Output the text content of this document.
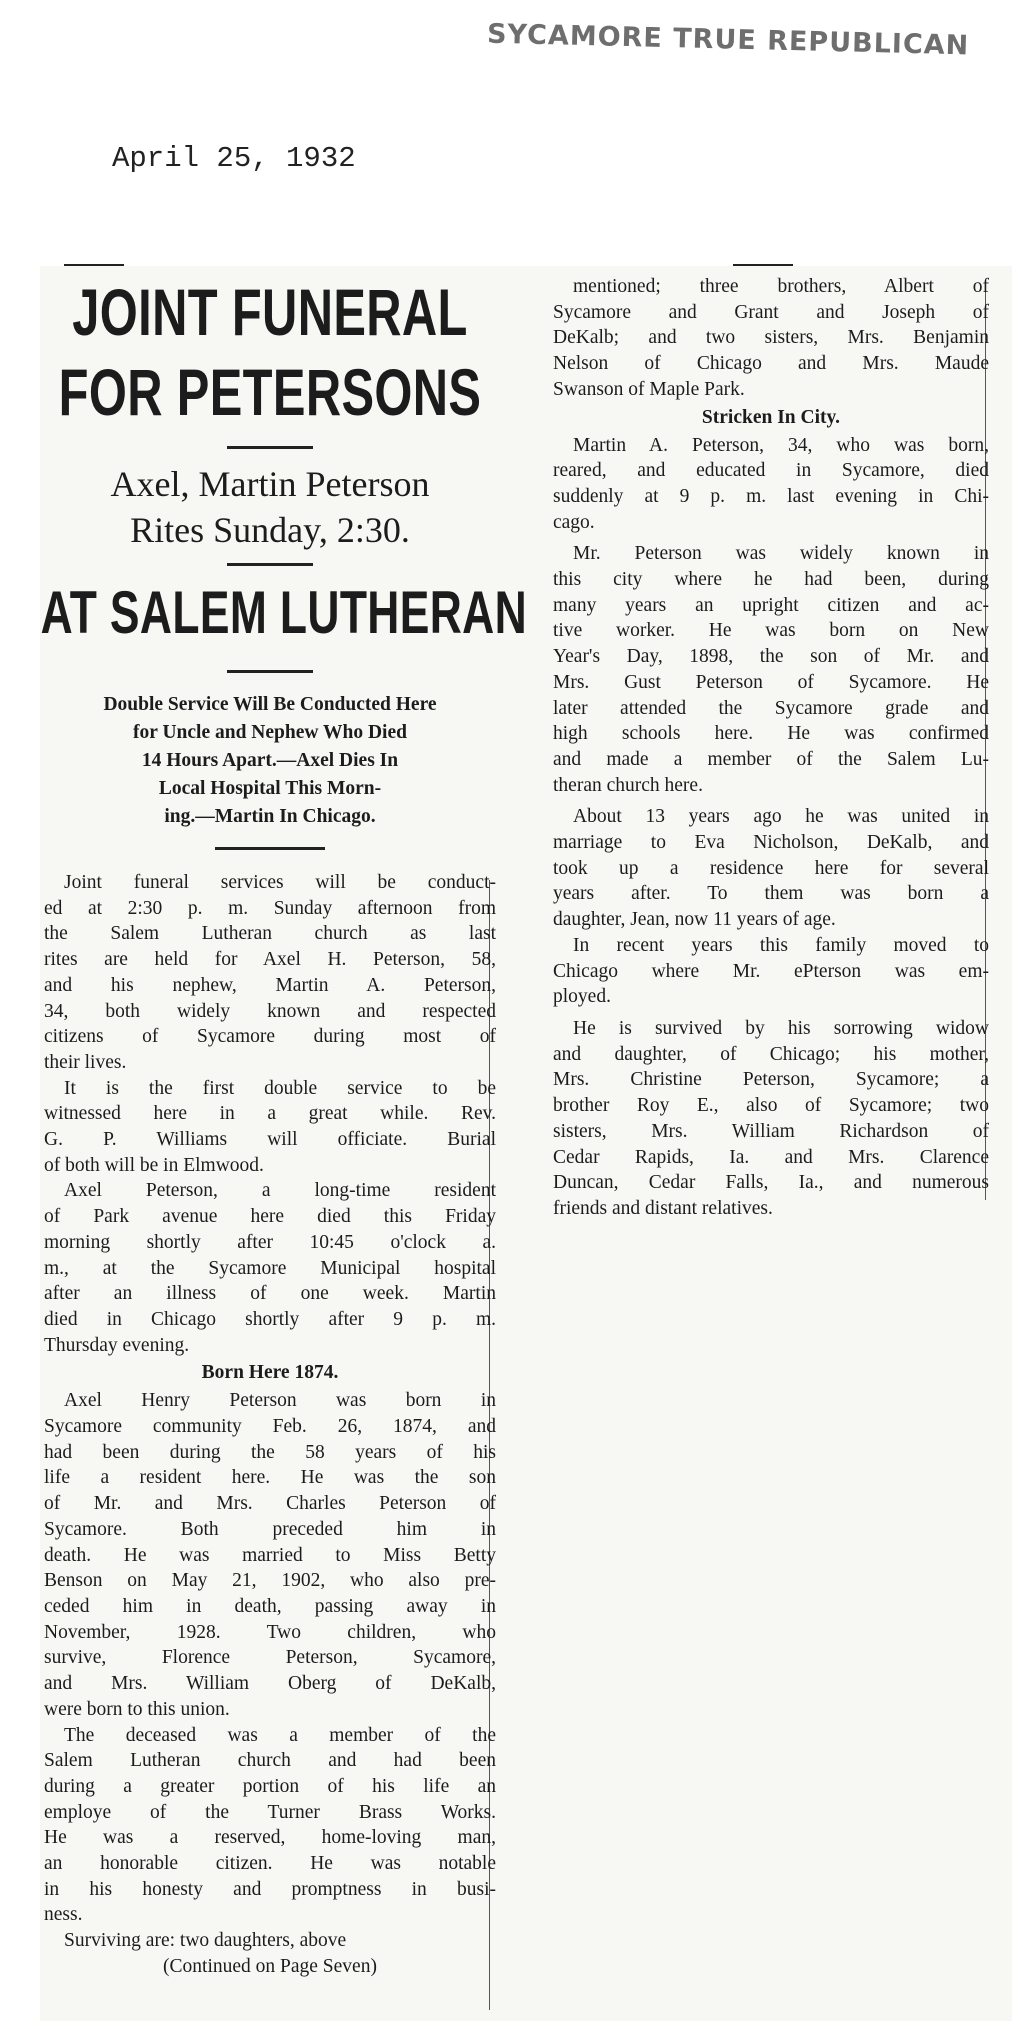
SYCAMORE TRUE REPUBLICAN
April 25, 1932
JOINT FUNERAL
FOR PETERSONS
Axel, Martin Peterson
Rites Sunday, 2:30.
AT SALEM LUTHERAN
Double Service Will Be Conducted Here
for Uncle and Nephew Who Died
14 Hours Apart.—Axel Dies In
Local Hospital This Morn-
ing.—Martin In Chicago.
Joint funeral services will be conduct-
ed at 2:30 p. m. Sunday afternoon from
the Salem Lutheran church as last
rites are held for Axel H. Peterson, 58,
and his nephew, Martin A. Peterson,
34, both widely known and respected
citizens of Sycamore during most of
their lives.
It is the first double service to be
witnessed here in a great while. Rev.
G. P. Williams will officiate. Burial
of both will be in Elmwood.
Axel Peterson, a long-time resident
of Park avenue here died this Friday
morning shortly after 10:45 o'clock a.
m., at the Sycamore Municipal hospital
after an illness of one week. Martin
died in Chicago shortly after 9 p. m.
Thursday evening.
Born Here 1874.
Axel Henry Peterson was born in
Sycamore community Feb. 26, 1874, and
had been during the 58 years of his
life a resident here. He was the son
of Mr. and Mrs. Charles Peterson of
Sycamore. Both preceded him in
death. He was married to Miss Betty
Benson on May 21, 1902, who also pre-
ceded him in death, passing away in
November, 1928. Two children, who
survive, Florence Peterson, Sycamore,
and Mrs. William Oberg of DeKalb,
were born to this union.
The deceased was a member of the
Salem Lutheran church and had been
during a greater portion of his life an
employe of the Turner Brass Works.
He was a reserved, home-loving man,
an honorable citizen. He was notable
in his honesty and promptness in busi-
ness.
Surviving are: two daughters, above
(Continued on Page Seven)
mentioned; three brothers, Albert of
Sycamore and Grant and Joseph of
DeKalb; and two sisters, Mrs. Benjamin
Nelson of Chicago and Mrs. Maude
Swanson of Maple Park.
Stricken In City.
Martin A. Peterson, 34, who was born,
reared, and educated in Sycamore, died
suddenly at 9 p. m. last evening in Chi-
cago.
Mr. Peterson was widely known in
this city where he had been, during
many years an upright citizen and ac-
tive worker. He was born on New
Year's Day, 1898, the son of Mr. and
Mrs. Gust Peterson of Sycamore. He
later attended the Sycamore grade and
high schools here. He was confirmed
and made a member of the Salem Lu-
theran church here.
About 13 years ago he was united in
marriage to Eva Nicholson, DeKalb, and
took up a residence here for several
years after. To them was born a
daughter, Jean, now 11 years of age.
In recent years this family moved to
Chicago where Mr. ePterson was em-
ployed.
He is survived by his sorrowing widow
and daughter, of Chicago; his mother,
Mrs. Christine Peterson, Sycamore; a
brother Roy E., also of Sycamore; two
sisters, Mrs. William Richardson of
Cedar Rapids, Ia. and Mrs. Clarence
Duncan, Cedar Falls, Ia., and numerous
friends and distant relatives.
